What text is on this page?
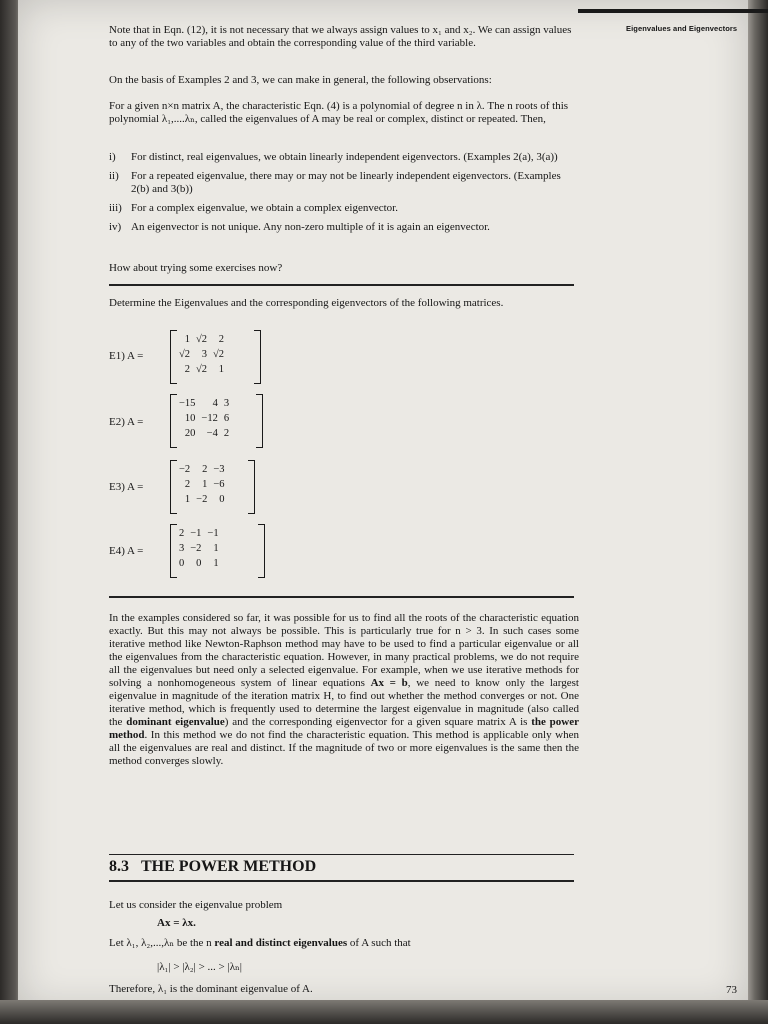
Eigenvalues and Eigenvectors

Note that in Eqn. (12), it is not necessary that we always assign values to x₁ and x₂. We can assign values to any of the two variables and obtain the corresponding value of the third variable.

On the basis of Examples 2 and 3, we can make in general, the following observations:

For a given n×n matrix A, the characteristic Eqn. (4) is a polynomial of degree n in λ. The n roots of this polynomial λ₁,....λₙ, called the eigenvalues of A may be real or complex, distinct or repeated. Then,

i)	For distinct, real eigenvalues, we obtain linearly independent eigenvectors. (Examples 2(a), 3(a))
ii)	For a repeated eigenvalue, there may or may not be linearly independent eigenvectors. (Examples 2(b) and 3(b))
iii) For a complex eigenvalue, we obtain a complex eigenvector.
iv) An eigenvector is not unique. Any non-zero multiple of it is again an eigenvector.

How about trying some exercises now?

Determine the Eigenvalues and the corresponding eigenvectors of the following matrices.

E1) A =
1	√2	2
√2	3	√2
2	√2	1
E2) A =
−15	4	3
10	−12	6
20	−4	2
E3) A =
−2	2	−3
2	1	−6
1	−2	0
E4) A =
2	−1	−1
3	−2	1
0	0	1

In the examples considered so far, it was possible for us to find all the roots of the characteristic equation exactly. But this may not always be possible. This is particularly true for n > 3. In such cases some iterative method like Newton-Raphson method may have to be used to find a particular eigenvalue or all the eigenvalues from the characteristic equation. However, in many practical problems, we do not require all the eigenvalues but need only a selected eigenvalue. For example, when we use iterative methods for solving a nonhomogeneous system of linear equations Ax = b, we need to know only the largest eigenvalue in magnitude of the iteration matrix H, to find out whether the method converges or not. One iterative method, which is frequently used to determine the largest eigenvalue in magnitude (also called the dominant eigenvalue) and the corresponding eigenvector for a given square matrix A is the power method. In this method we do not find the characteristic equation. This method is applicable only when all the eigenvalues are real and distinct. If the magnitude of two or more eigenvalues is the same then the method converges slowly.

8.3 THE POWER METHOD

Let us consider the eigenvalue problem

Ax = λx.

Let λ₁, λ₂,...,λₙ be the n real and distinct eigenvalues of A such that

|λ₁| > |λ₂| > ... > |λₙ|

Therefore, λ₁ is the dominant eigenvalue of A.	73
